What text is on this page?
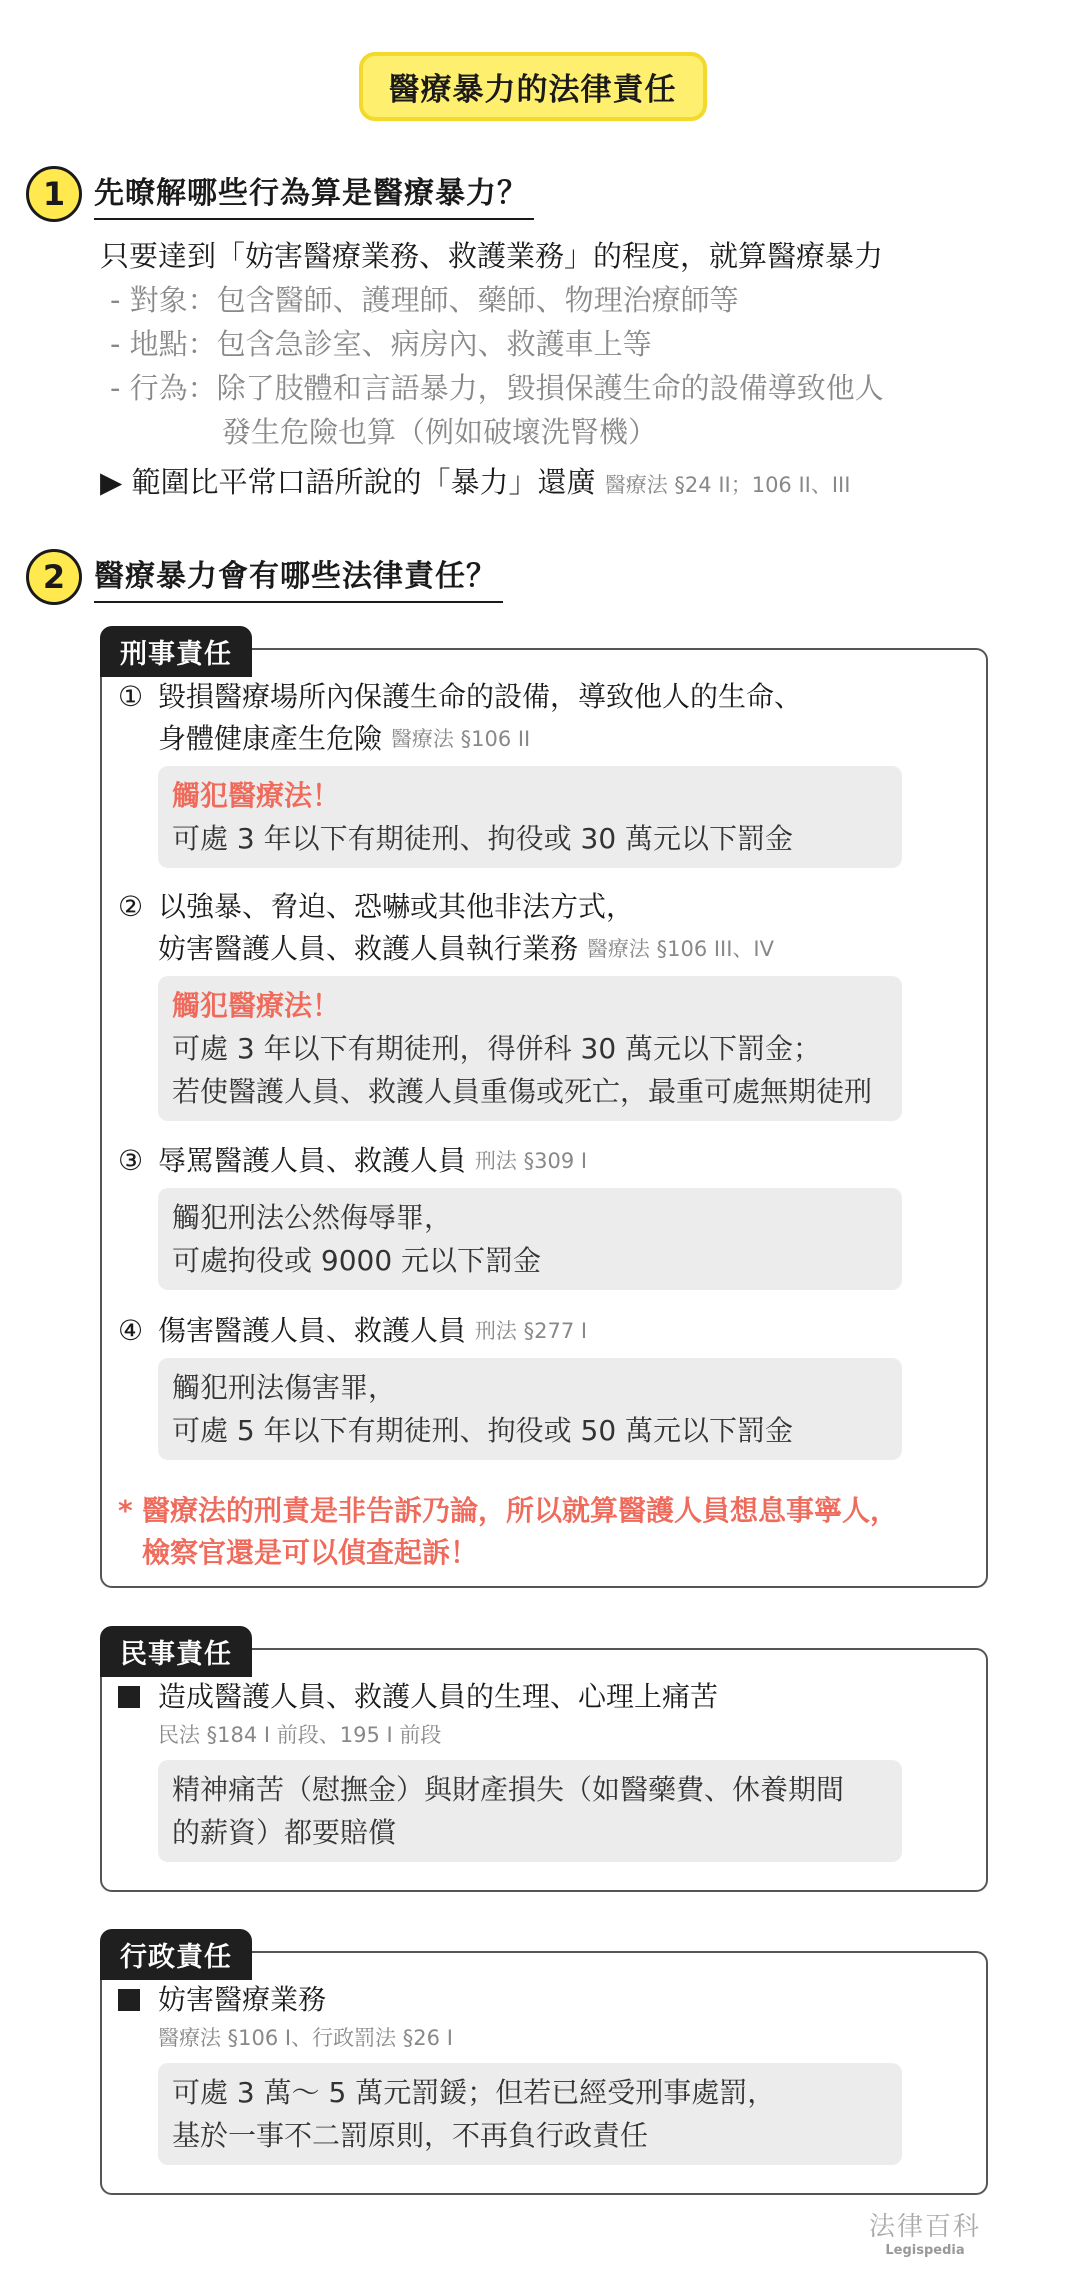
醫療暴力的法律責任
1 先暸解哪些行為算是醫療暴力？
只要達到「妨害醫療業務、救護業務」的程度，就算醫療暴力
- 對象：包含醫師、護理師、藥師、物理治療師等
- 地點：包含急診室、病房內、救護車上等
- 行為：除了肢體和言語暴力，毀損保護生命的設備導致他人
發生危險也算（例如破壞洗腎機）
▶ 範圍比平常口語所說的「暴力」還廣 醫療法 §24 II；106 II、III
2 醫療暴力會有哪些法律責任？
刑事責任
① 毀損醫療場所內保護生命的設備，導致他人的生命、
身體健康產生危險
醫療法 §106 II
觸犯醫療法！
可處 3 年以下有期徒刑、拘役或 30 萬元以下罰金
② 以強暴、脅迫、恐嚇或其他非法方式，
妨害醫護人員、救護人員執行業務
醫療法 §106 III、IV
觸犯醫療法！
可處 3 年以下有期徒刑，得併科 30 萬元以下罰金；
若使醫護人員、救護人員重傷或死亡，最重可處無期徒刑
③ 辱罵醫護人員、救護人員
刑法 §309 I
觸犯刑法公然侮辱罪，
可處拘役或 9000 元以下罰金
④ 傷害醫護人員、救護人員
刑法 §277 I
觸犯刑法傷害罪，
可處 5 年以下有期徒刑、拘役或 50 萬元以下罰金
* 醫療法的刑責是非告訴乃論，所以就算醫護人員想息事寧人，
檢察官還是可以偵查起訴！
民事責任
造成醫護人員、救護人員的生理、心理上痛苦
民法 §184 I 前段、195 I 前段
精神痛苦（慰撫金）與財產損失（如醫藥費、休養期間
的薪資）都要賠償
行政責任
妨害醫療業務
醫療法 §106 I、行政罰法 §26 I
可處 3 萬～ 5 萬元罰鍰；但若已經受刑事處罰，
基於一事不二罰原則，不再負行政責任
法律百科
Legispedia
